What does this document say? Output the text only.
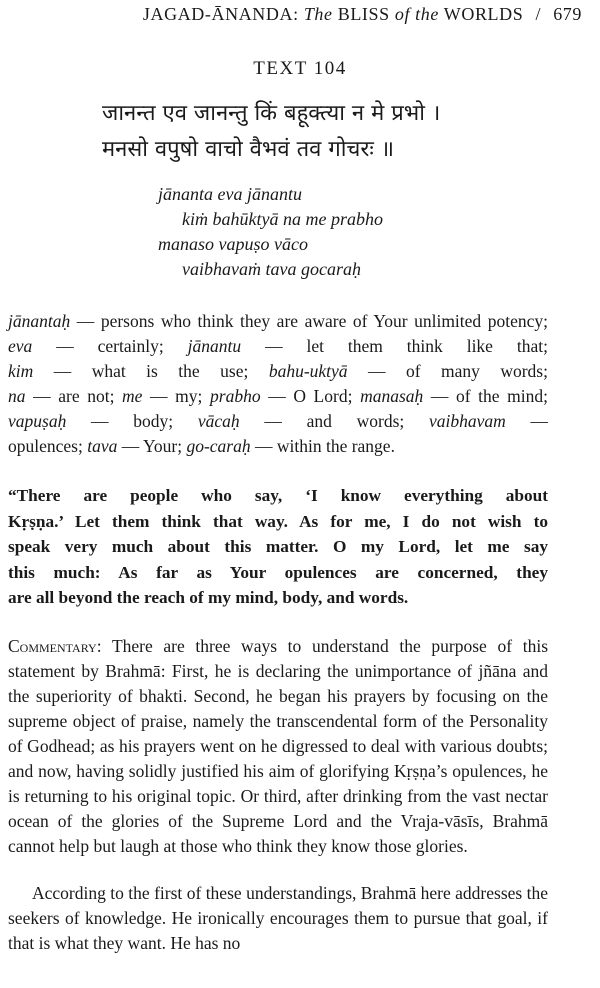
JAGAD-ĀNANDA: The BLISS of the WORLDS / 679
TEXT 104
जानन्त एव जानन्तु किं बहूक्त्या न मे प्रभो ।
मनसो वपुषो वाचो वैभवं तव गोचरः ॥
jānanta eva jānantu
kiṁ bahūktyā na me prabho
manaso vapuṣo vāco
vaibhavaṁ tava gocaraḥ
jānantaḥ — persons who think they are aware of Your unlimited potency;
eva — certainly; jānantu — let them think like that;
kim — what is the use; bahu-uktyā — of many words;
na — are not; me — my; prabho — O Lord; manasaḥ — of the mind;
vapuṣaḥ — body; vācaḥ — and words; vaibhavam —
opulences; tava — Your; go-caraḥ — within the range.
“There are people who say, ‘I know everything about
Kṛṣṇa.’ Let them think that way. As for me, I do not wish to
speak very much about this matter. O my Lord, let me say
this much: As far as Your opulences are concerned, they
are all beyond the reach of my mind, body, and words.
Commentary: There are three ways to understand the purpose of this statement by Brahmā: First, he is declaring the unimportance of jñāna and the superiority of bhakti. Second, he began his prayers by focusing on the supreme object of praise, namely the transcendental form of the Personality of Godhead; as his prayers went on he digressed to deal with various doubts; and now, having solidly justified his aim of glorifying Kṛṣṇa’s opulences, he is returning to his original topic. Or third, after drinking from the vast nectar ocean of the glories of the Supreme Lord and the Vraja-vāsīs, Brahmā cannot help but laugh at those who think they know those glories.
According to the first of these understandings, Brahmā here addresses the seekers of knowledge. He ironically encourages them to pursue that goal, if that is what they want. He has no
